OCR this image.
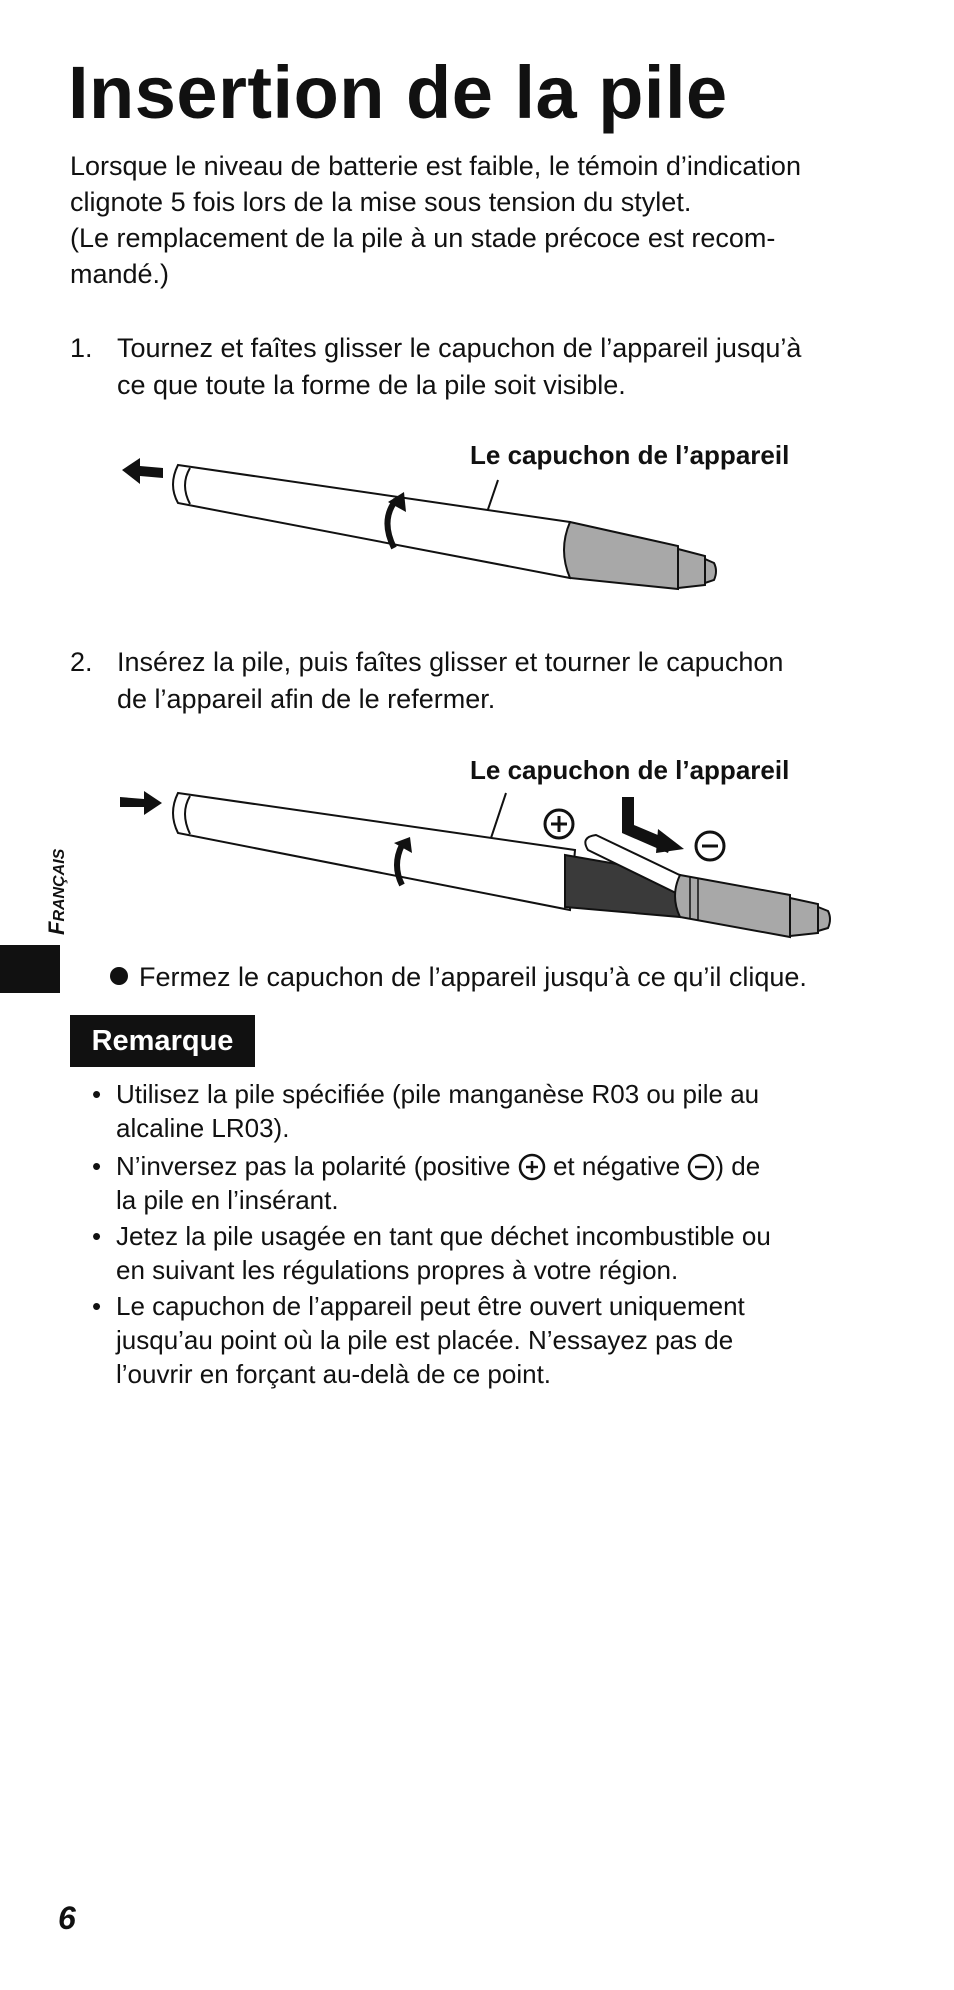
Insertion de la pile
Lorsque le niveau de batterie est faible, le témoin d’indication
clignote 5 fois lors de la mise sous tension du stylet.
(Le remplacement de la pile à un stade précoce est recom-
mandé.)
1. Tournez et faîtes glisser le capuchon de l’appareil jusqu’à
ce que toute la forme de la pile soit visible.
Le capuchon de l’appareil
2. Insérez la pile, puis faîtes glisser et tourner le capuchon
de l’appareil afin de le refermer.
Le capuchon de l’appareil
Fermez le capuchon de l’appareil jusqu’à ce qu’il clique.
Remarque
• Utilisez la pile spécifiée (pile manganèse R03 ou pile au
alcaline LR03).
• N’inversez pas la polarité (positive  et négative ) de
la pile en l’insérant.
• Jetez la pile usagée en tant que déchet incombustible ou
en suivant les régulations propres à votre région.
• Le capuchon de l’appareil peut être ouvert uniquement
jusqu’au point où la pile est placée. N’essayez pas de
l’ouvrir en forçant au-delà de ce point.
FRANÇAIS
6
